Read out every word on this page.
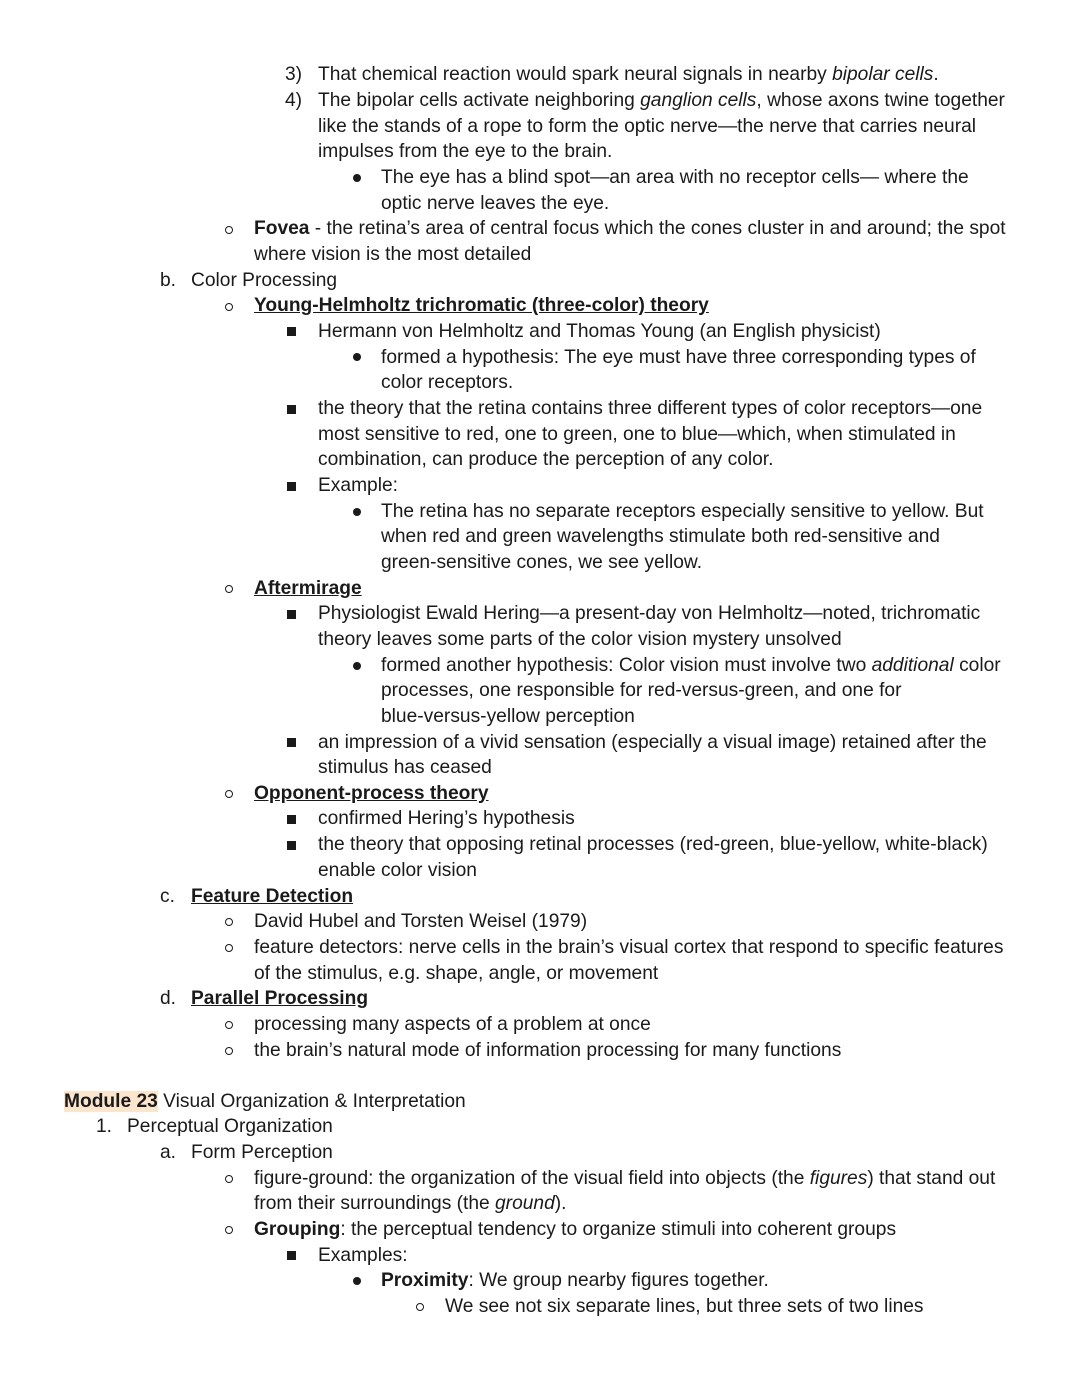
3) That chemical reaction would spark neural signals in nearby bipolar cells.
4) The bipolar cells activate neighboring ganglion cells, whose axons twine together
like the stands of a rope to form the optic nerve—the nerve that carries neural
impulses from the eye to the brain.
The eye has a blind spot—an area with no receptor cells— where the
optic nerve leaves the eye.
Fovea - the retina’s area of central focus which the cones cluster in and around; the spot
where vision is the most detailed
b. Color Processing
Young-Helmholtz trichromatic (three-color) theory
Hermann von Helmholtz and Thomas Young (an English physicist)
formed a hypothesis: The eye must have three corresponding types of
color receptors.
the theory that the retina contains three different types of color receptors—one
most sensitive to red, one to green, one to blue—which, when stimulated in
combination, can produce the perception of any color.
Example:
The retina has no separate receptors especially sensitive to yellow. But
when red and green wavelengths stimulate both red-sensitive and
green-sensitive cones, we see yellow.
Aftermirage
Physiologist Ewald Hering—a present-day von Helmholtz—noted, trichromatic
theory leaves some parts of the color vision mystery unsolved
formed another hypothesis: Color vision must involve two additional color
processes, one responsible for red-versus-green, and one for
blue-versus-yellow perception
an impression of a vivid sensation (especially a visual image) retained after the
stimulus has ceased
Opponent-process theory
confirmed Hering’s hypothesis
the theory that opposing retinal processes (red-green, blue-yellow, white-black)
enable color vision
c. Feature Detection
David Hubel and Torsten Weisel (1979)
feature detectors: nerve cells in the brain’s visual cortex that respond to specific features
of the stimulus, e.g. shape, angle, or movement
d. Parallel Processing
processing many aspects of a problem at once
the brain’s natural mode of information processing for many functions
Module 23 Visual Organization & Interpretation
1. Perceptual Organization
a. Form Perception
figure-ground: the organization of the visual field into objects (the figures) that stand out
from their surroundings (the ground).
Grouping: the perceptual tendency to organize stimuli into coherent groups
Examples:
Proximity: We group nearby figures together.
We see not six separate lines, but three sets of two lines
